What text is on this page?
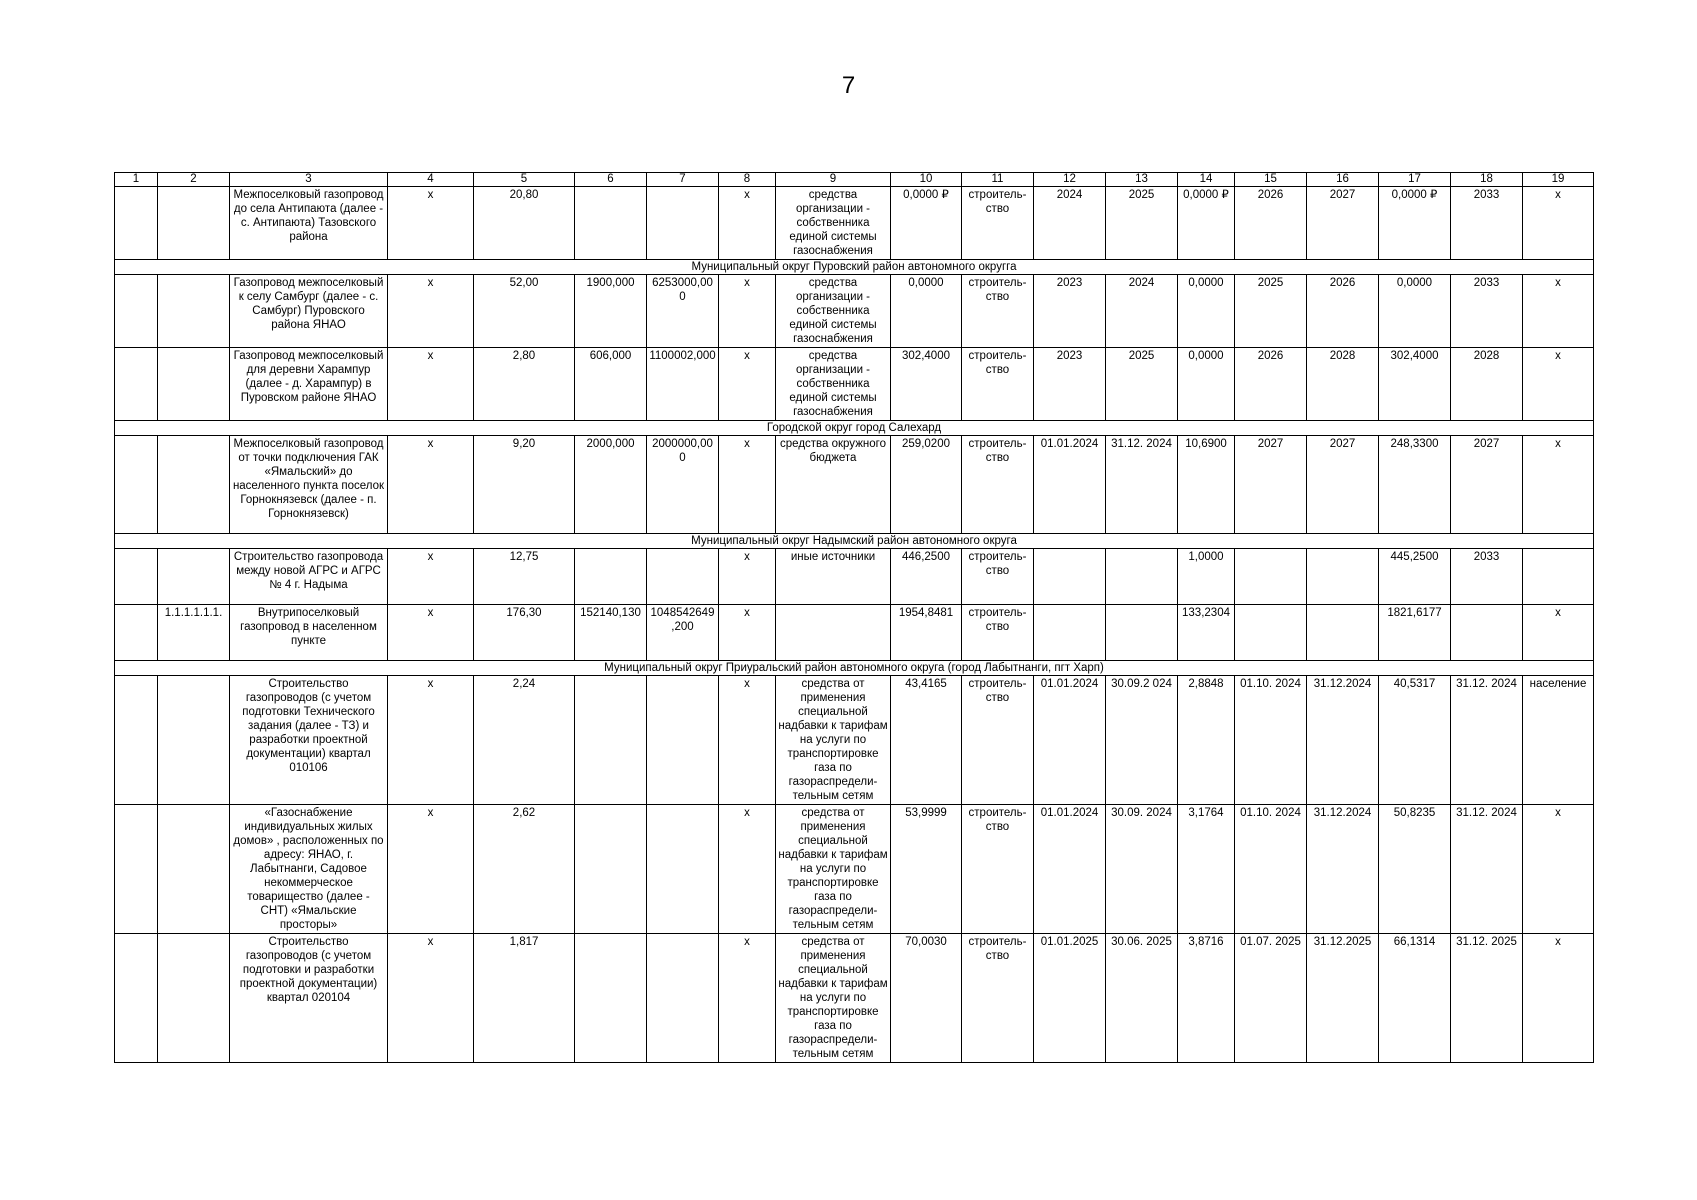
7
1	2	3	4	5	6	7	8	9	10	11	12	13	14	15	16	17	18	19
		Межпоселковый газопровод до села Антипаюта (далее - с. Антипаюта) Тазовского района	х	20,80			х	средства организации - собственника единой системы газоснабжения	0,0000 ₽	строитель-ство	2024	2025	0,0000 ₽	2026	2027	0,0000 ₽	2033	х
Муниципальный округ Пуровский район автономного округга																		
		Газопровод межпоселковый к селу Самбург (далее - с. Самбург) Пуровского района ЯНАО	х	52,00	1900,000	6253000,000	х	средства организации - собственника единой системы газоснабжения	0,0000	строитель-ство	2023	2024	0,0000	2025	2026	0,0000	2033	х
		Газопровод межпоселковый для деревни Харампур (далее - д. Харампур) в Пуровском районе ЯНАО	х	2,80	606,000	1100002,000	х	средства организации - собственника единой системы газоснабжения	302,4000	строитель-ство	2023	2025	0,0000	2026	2028	302,4000	2028	х
Городской округ город Салехард																		
		Межпоселковый газопровод от точки подключения ГАК «Ямальский» до населенного пункта поселок Горнокнязевск (далее - п. Горнокнязевск)	х	9,20	2000,000	2000000,000	х	средства окружного бюджета	259,0200	строитель-ство	01.01.2024	31.12. 2024	10,6900	2027	2027	248,3300	2027	х
Муниципальный округ Надымский район автономного округа																		
		Строительство газопровода между новой АГРС и АГРС № 4 г. Надыма	х	12,75			х	иные источники	446,2500	строитель-ство			1,0000			445,2500	2033	
	1.1.1.1.1.1.	Внутрипоселковый газопровод в населенном пункте	х	176,30	152140,130	1048542649,200	х		1954,8481	строитель-ство			133,2304			1821,6177		х
Муниципальный округ Приуральский район автономного округа (город Лабытнанги, пгт Харп)																		
		Строительство газопроводов (с учетом подготовки Технического задания (далее - ТЗ) и разработки проектной документации) квартал 010106	х	2,24			х	средства от применения специальной надбавки к тарифам на услуги по транспортировке газа по газораспредели-тельным сетям	43,4165	строитель-ство	01.01.2024	30.09.2 024	2,8848	01.10. 2024	31.12.2024	40,5317	31.12. 2024	население
		«Газоснабжение индивидуальных жилых домов» , расположенных по адресу: ЯНАО, г. Лабытнанги, Садовое некоммерческое товарищество (далее - СНТ) «Ямальские просторы»	х	2,62			х	средства от применения специальной надбавки к тарифам на услуги по транспортировке газа по газораспредели-тельным сетям	53,9999	строитель-ство	01.01.2024	30.09. 2024	3,1764	01.10. 2024	31.12.2024	50,8235	31.12. 2024	х
		Строительство газопроводов (с учетом подготовки и разработки проектной документации) квартал 020104	х	1,817			х	средства от применения специальной надбавки к тарифам на услуги по транспортировке газа по газораспредели-тельным сетям	70,0030	строитель-ство	01.01.2025	30.06. 2025	3,8716	01.07. 2025	31.12.2025	66,1314	31.12. 2025	х
